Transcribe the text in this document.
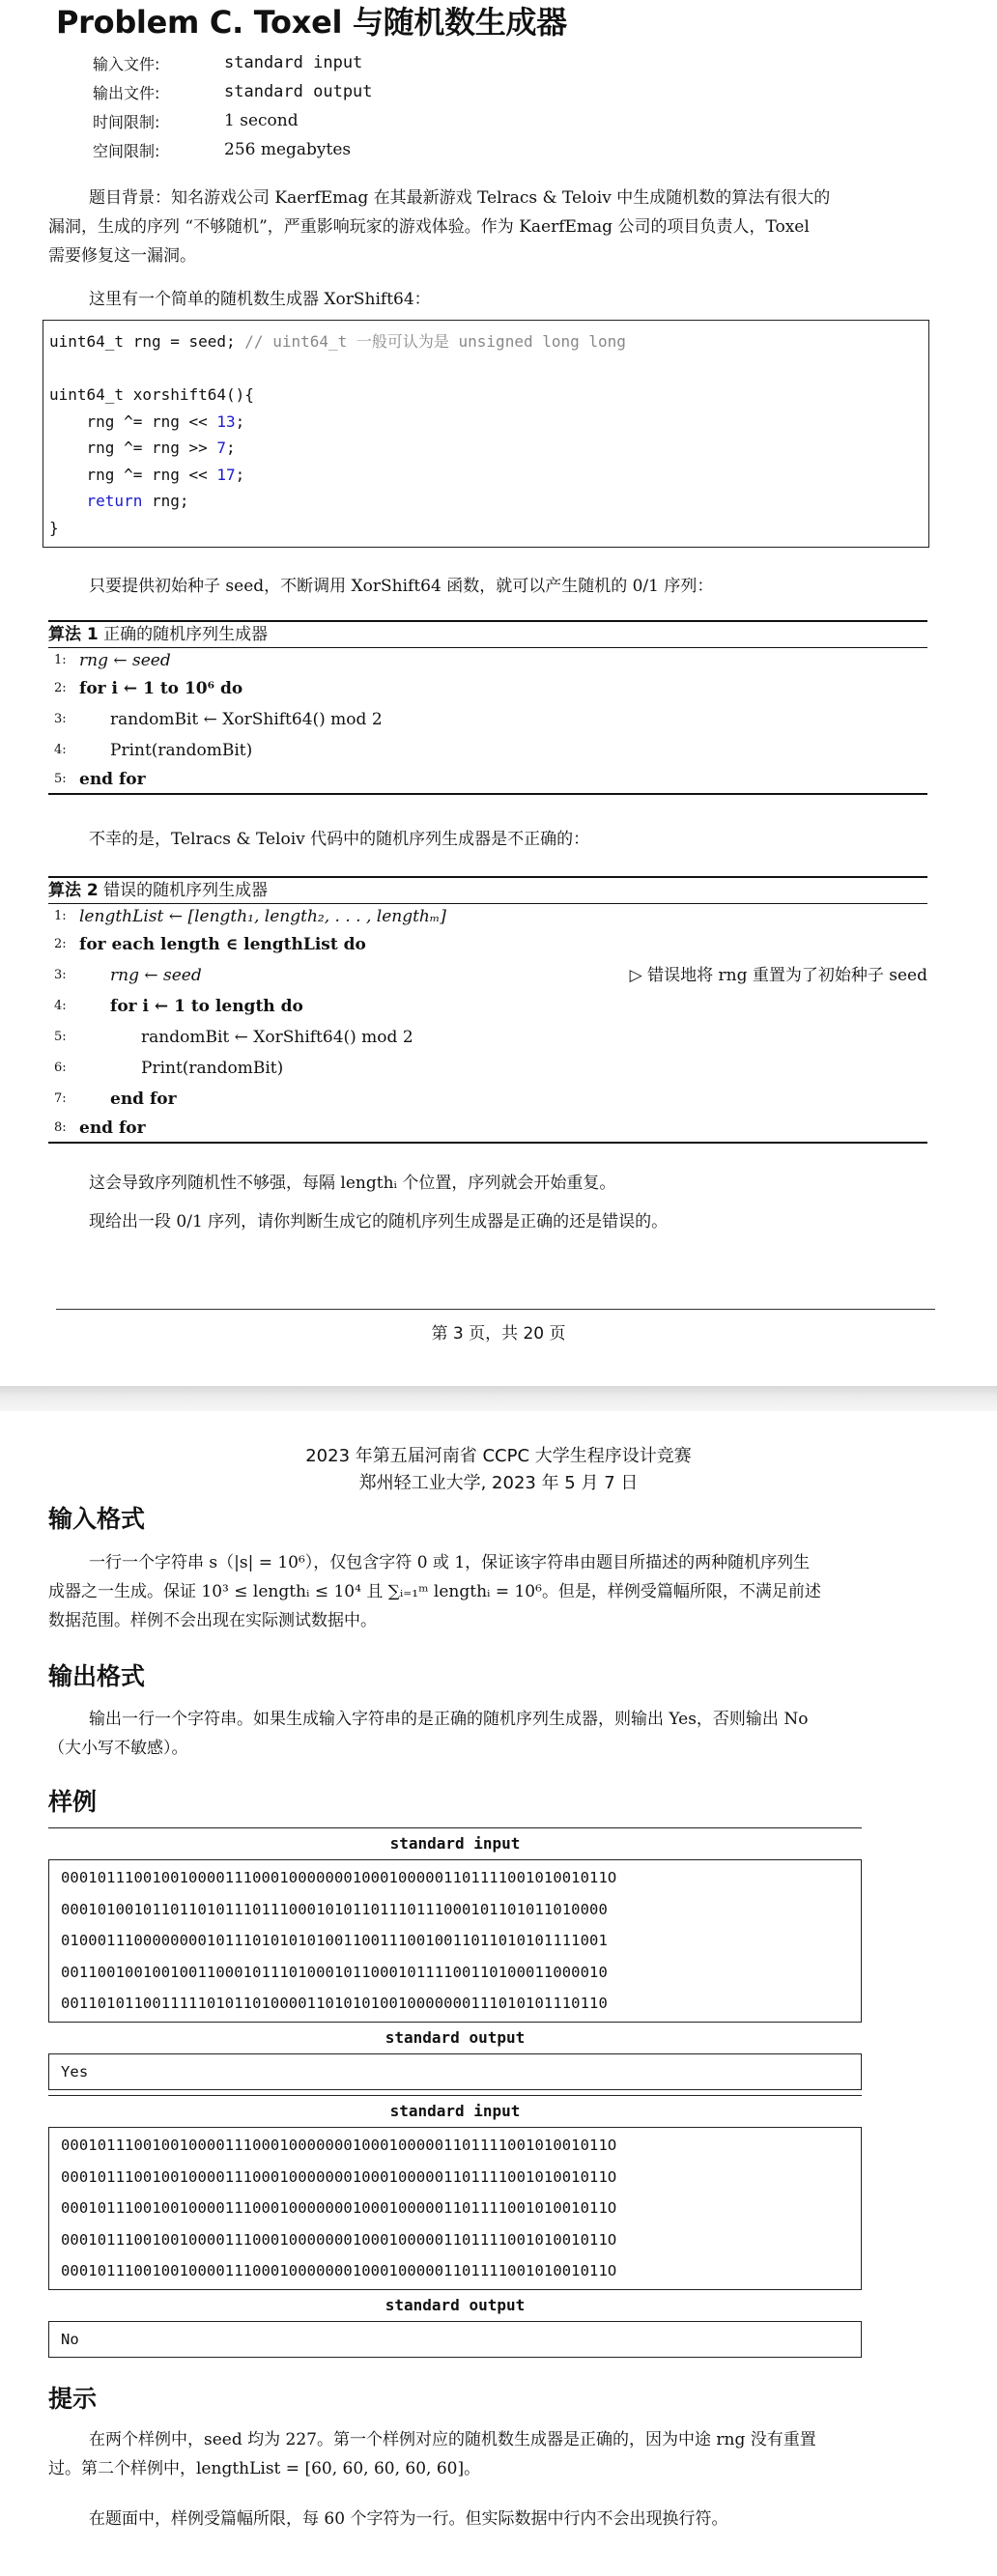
Problem C. Toxel 与随机数生成器
输入文件:	standard input
输出文件:	standard output
时间限制:	1 second
空间限制:	256 megabytes
题目背景：知名游戏公司 KaerfEmag 在其最新游戏 Telracs & Teloiv 中生成随机数的算法有很大的
漏洞，生成的序列 “不够随机”，严重影响玩家的游戏体验。作为 KaerfEmag 公司的项目负责人，Toxel
需要修复这一漏洞。
这里有一个简单的随机数生成器 XorShift64：
uint64_t rng = seed; // uint64_t 一般可认为是 unsigned long long

uint64_t xorshift64(){
rng ^= rng << 13;
rng ^= rng >> 7;
rng ^= rng << 17;
return rng;
}
只要提供初始种子 seed，不断调用 XorShift64 函数，就可以产生随机的 0/1 序列：
算法 1 正确的随机序列生成器
1: rng ← seed
2: for i ← 1 to 10⁶ do
3:	randomBit ← XorShift64() mod 2
4:	Print(randomBit)
5: end for
不幸的是，Telracs & Teloiv 代码中的随机序列生成器是不正确的：
算法 2 错误的随机序列生成器
1: lengthList ← [length₁, length₂, . . . , lengthₘ]
2: for each length ∈ lengthList do
3:	rng ← seed	▷ 错误地将 rng 重置为了初始种子 seed
4:	for i ← 1 to length do
5:	randomBit ← XorShift64() mod 2
6:	Print(randomBit)
7:	end for
8: end for
这会导致序列随机性不够强，每隔 lengthᵢ 个位置，序列就会开始重复。
现给出一段 0/1 序列，请你判断生成它的随机序列生成器是正确的还是错误的。
第 3 页，共 20 页
2023 年第五届河南省 CCPC 大学生程序设计竞赛
郑州轻工业大学, 2023 年 5 月 7 日
输入格式
一行一个字符串 s（|s| = 10⁶），仅包含字符 0 或 1，保证该字符串由题目所描述的两种随机序列生
成器之一生成。保证 10³ ≤ lengthᵢ ≤ 10⁴ 且 ∑ᵢ₌₁ᵐ lengthᵢ = 10⁶。但是，样例受篇幅所限，不满足前述
数据范围。样例不会出现在实际测试数据中。
输出格式
输出一行一个字符串。如果生成输入字符串的是正确的随机序列生成器，则输出 Yes，否则输出 No
（大小写不敏感）。
样例
standard input
000101110010010000111000100000001000100000110111100101001011O
000101001011011010111011100010101101110111000101101011010000
010001110000000010111010101010011001110010011011010101111001
001100100100100110001011101000101100010111100110100011000010
001101011001111101011010000110101010010000000111010101110110
standard output
Yes
standard input
000101110010010000111000100000001000100000110111100101001011O
000101110010010000111000100000001000100000110111100101001011O
000101110010010000111000100000001000100000110111100101001011O
000101110010010000111000100000001000100000110111100101001011O
000101110010010000111000100000001000100000110111100101001011O
standard output
No
提示
在两个样例中，seed 均为 227。第一个样例对应的随机数生成器是正确的，因为中途 rng 没有重置
过。第二个样例中，lengthList = [60, 60, 60, 60, 60]。
在题面中，样例受篇幅所限，每 60 个字符为一行。但实际数据中行内不会出现换行符。
